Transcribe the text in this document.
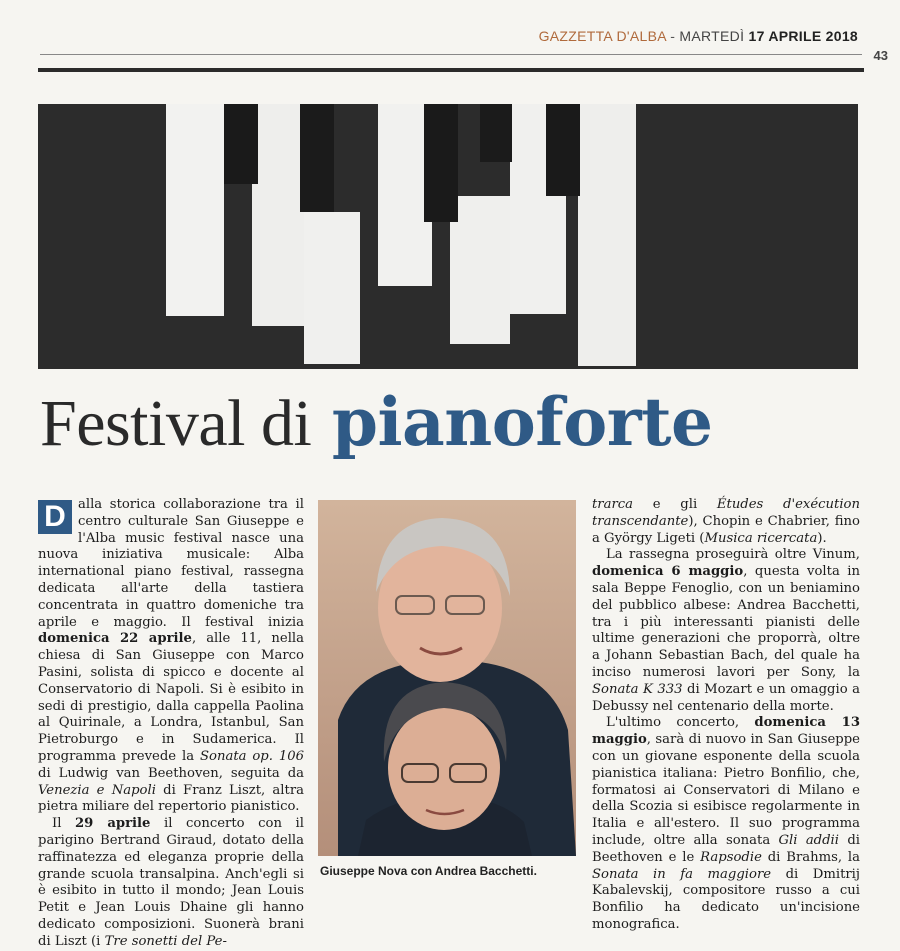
GAZZETTA D'ALBA - MARTEDÌ 17 APRILE 2018
43
Festival di pianoforte

D alla storica collaborazione tra il centro culturale San Giuseppe e l'Alba music festival nasce una nuova iniziativa musicale: Alba international piano festival, rassegna dedicata all'arte della tastiera concentrata in quattro domeniche tra aprile e maggio. Il festival inizia domenica 22 aprile, alle 11, nella chiesa di San Giuseppe con Marco Pasini, solista di spicco e docente al Conservatorio di Napoli. Si è esibito in sedi di prestigio, dalla cappella Paolina al Quirinale, a Londra, Istanbul, San Pietroburgo e in Sudamerica. Il programma prevede la Sonata op. 106 di Ludwig van Beethoven, seguita da Venezia e Napoli di Franz Liszt, altra pietra miliare del repertorio pianistico.

Il 29 aprile il concerto con il parigino Bertrand Giraud, dotato della raffinatezza ed eleganza proprie della grande scuola transalpina. Anch'egli si è esibito in tutto il mondo; Jean Louis Petit e Jean Louis Dhaine gli hanno dedicato composizioni. Suonerà brani di Liszt (i Tre sonetti del Pe-

Giuseppe Nova con Andrea Bacchetti.

trarca e gli Études d'exécution transcendante), Chopin e Chabrier, fino a György Ligeti (Musica ricercata).

La rassegna proseguirà oltre Vinum, domenica 6 maggio, questa volta in sala Beppe Fenoglio, con un beniamino del pubblico albese: Andrea Bacchetti, tra i più interessanti pianisti delle ultime generazioni che proporrà, oltre a Johann Sebastian Bach, del quale ha inciso numerosi lavori per Sony, la Sonata K 333 di Mozart e un omaggio a Debussy nel centenario della morte.

L'ultimo concerto, domenica 13 maggio, sarà di nuovo in San Giuseppe con un giovane esponente della scuola pianistica italiana: Pietro Bonfilio, che, formatosi ai Conservatori di Milano e della Scozia si esibisce regolarmente in Italia e all'estero. Il suo programma include, oltre alla sonata Gli addii di Beethoven e le Rapsodie di Brahms, la Sonata in fa maggiore di Dmitrij Kabalevskij, compositore russo a cui Bonfilio ha dedicato un'incisione monografica.
